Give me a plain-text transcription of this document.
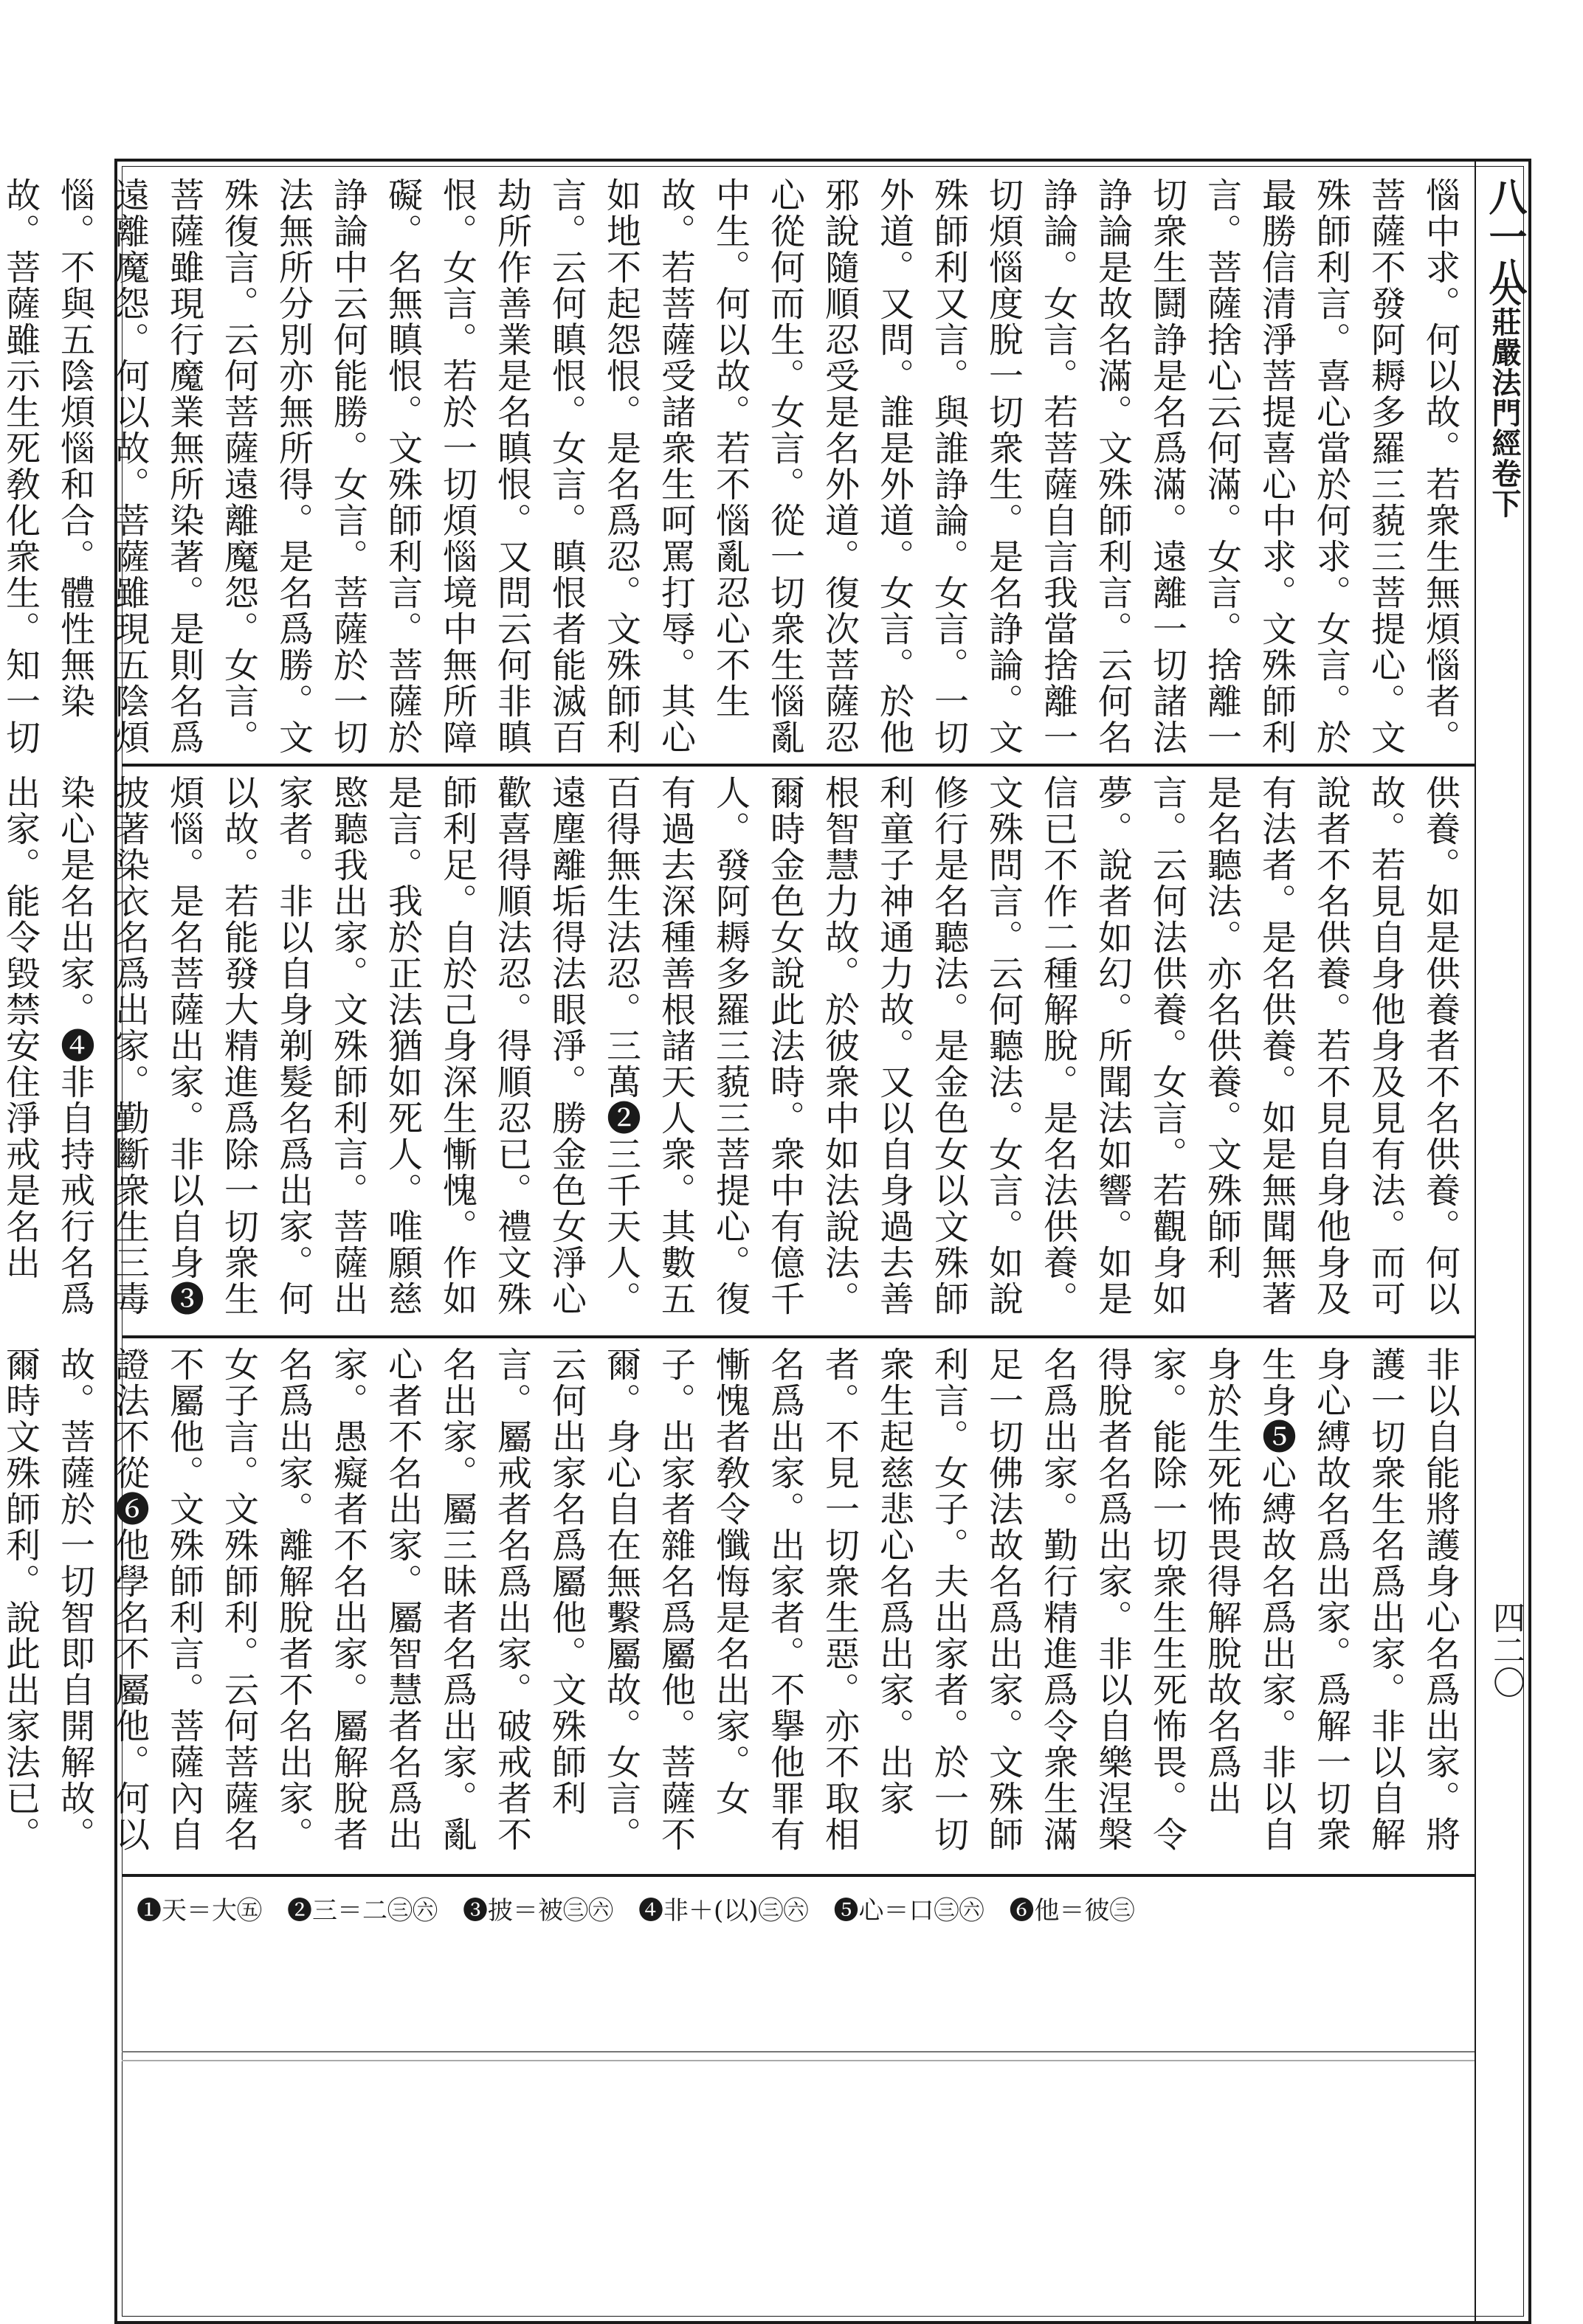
八一八
大莊嚴法門經卷下
四二〇

惱中求。何以故。若衆生無煩惱者。菩薩不發阿耨多羅三藐三菩提心。文殊師利言。喜心當於何求。女言。於最勝信清淨菩提喜心中求。文殊師利言。菩薩捨心云何滿。女言。捨離一切衆生鬪諍是名爲滿。遠離一切諸法諍論是故名滿。文殊師利言。云何名諍論。女言。若菩薩自言我當捨離一切煩惱度脫一切衆生。是名諍論。文殊師利又言。與誰諍論。女言。一切外道。又問。誰是外道。女言。於他邪說隨順忍受是名外道。復次菩薩忍心從何而生。女言。從一切衆生惱亂中生。何以故。若不惱亂忍心不生故。若菩薩受諸衆生呵罵打辱。其心如地不起怨恨。是名爲忍。文殊師利言。云何瞋恨。女言。瞋恨者能滅百劫所作善業是名瞋恨。又問云何非瞋恨。女言。若於一切煩惱境中無所障礙。名無瞋恨。文殊師利言。菩薩於諍論中云何能勝。女言。菩薩於一切法無所分別亦無所得。是名爲勝。文殊復言。云何菩薩遠離魔怨。女言。菩薩雖現行魔業無所染著。是則名爲遠離魔怨。何以故。菩薩雖現五陰煩惱。不與五陰煩惱和合。體性無染故。菩薩雖示生死敎化衆生。知一切

供養。如是供養者不名供養。何以故。若見自身他身及見有法。而可說者不名供養。若不見自身他身及有法者。是名供養。如是無聞無著是名聽法。亦名供養。文殊師利言。云何法供養。女言。若觀身如夢。說者如幻。所聞法如響。如是信已不作二種解脫。是名法供養。文殊問言。云何聽法。女言。如說修行是名聽法。是金色女以文殊師利童子神通力故。又以自身過去善根智慧力故。於彼衆中如法說法。爾時金色女說此法時。衆中有億千人。發阿耨多羅三藐三菩提心。復有過去深種善根諸天人衆。其數五百得無生法忍。三萬❷三千天人。遠塵離垢得法眼淨。勝金色女淨心歡喜得順法忍。得順忍已。禮文殊師利足。自於己身深生慚愧。作如是言。我於正法猶如死人。唯願慈愍聽我出家。文殊師利言。菩薩出家者。非以自身剃髮名爲出家。何以故。若能發大精進爲除一切衆生煩惱。是名菩薩出家。非以自身❸披著染衣名爲出家。勤斷衆生三毒染心是名出家。❹非自持戒行名爲出家。能令毀禁安住淨戒是名出

非以自能將護身心名爲出家。將護一切衆生名爲出家。非以自解身心縛故名爲出家。爲解一切衆生身❺心縛故名爲出家。非以自身於生死怖畏得解脫故名爲出家。能除一切衆生生死怖畏。令得脫者名爲出家。非以自樂涅槃名爲出家。勤行精進爲令衆生滿足一切佛法故名爲出家。文殊師利言。女子。夫出家者。於一切衆生起慈悲心名爲出家。出家者。不見一切衆生惡。亦不取相名爲出家。出家者。不擧他罪有慚愧者敎令懺悔是名出家。女子。出家者雜名爲屬他。菩薩不爾。身心自在無繫屬故。女言。云何出家名爲屬他。文殊師利言。屬戒者名爲出家。破戒者不名出家。屬三昧者名爲出家。亂心者不名出家。屬智慧者名爲出家。愚癡者不名出家。屬解脫者名爲出家。離解脫者不名出家。女子言。文殊師利。云何菩薩名不屬他。文殊師利言。菩薩內自證法不從❻他學名不屬他。何以故。菩薩於一切智即自開解故。爾時文殊師利。說此出家法已。

❶天＝大㊄　❷三＝二㊂㊅　❸披＝被㊂㊅　❹非＋(以)㊂㊅　❺心＝口㊂㊅　❻他＝彼㊂
